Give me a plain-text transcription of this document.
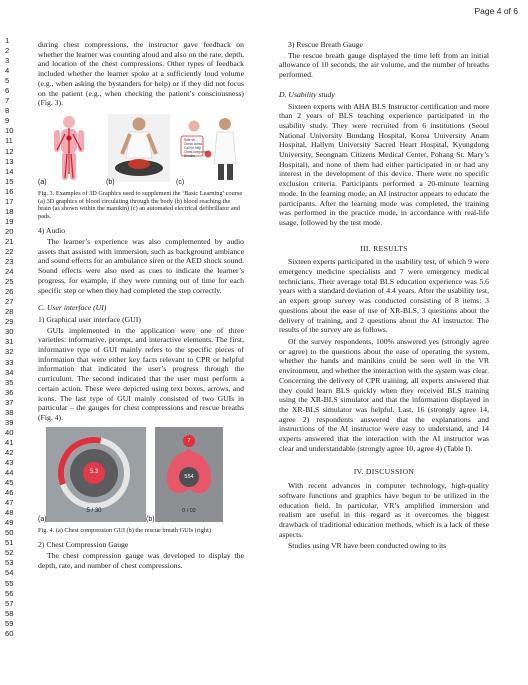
Page 4 of 6
1
2
3
4
5
6
7
8
9
10
11
12
13
14
15
16
17
18
19
20
21
22
23
24
25
26
27
28
29
30
31
32
33
34
35
36
37
38
39
40
41
42
43
44
45
46
47
48
49
50
51
52
53
54
55
56
57
58
59
60

during chest compressions, the instructor gave feedback on whether the learner was counting aloud and also on the rate, depth, and location of the chest compressions. Other types of feedback included whether the learner spoke at a sufficiently loud volume (e.g., when asking the bystanders for help) or if they did not focus on the patient (e.g., when checking the patient’s consciousness) (Fig. 3).

Safe str...
Check consc...
Call for help
Chest compress...
Breaths
(a)	(b)	(c)
Fig. 3. Examples of 3D Graphics used to supplement the ‘Basic Learning’ course (a) 3D graphics of blood circulating through the body (b) blood reaching the brain (as shown within the manikin) (c) an automated electrical defibrillator and pads.
4) Audio

The learner’s experience was also complemented by audio assets that assisted with immersion, such as background ambiance and sound effects for an ambulance siren or the AED shock sound. Sound effects were also used as cues to indicate the learner’s progress, for example, if they were running out of time for each specific step or when they had completed the step correctly.

C. User interface (UI)
1) Graphical user interface (GUI)

GUIs implemented in the application were one of three varieties: informative, prompt, and interactive elements. The first, informative type of GUI mainly refers to the specific pieces of information that were either key facts relevant to CPR or helpful information that indicated the user’s progress through the curriculum. The second indicated that the user must perform a certain action. These were depicted using text boxes, arrows, and icons. The last type of GUI mainly consisted of two GUIs in particular – the gauges for chest compressions and rescue breaths (Fig. 4).

5.3
5 / 30
7
554
0 / 02
(a)	(b)
Fig. 4. (a) Chest compression GUI (b) the rescue breath GUIs (right)
2) Chest Compression Gauge

The chest compression gauge was developed to display the depth, rate, and number of chest compressions.

3) Rescue Breath Gauge

The rescue breath gauge displayed the time left from an initial allowance of 10 seconds, the air volume, and the number of breaths performed.

D. Usability study

Sixteen experts with AHA BLS Instructor certification and more than 2 years of BLS teaching experience participated in the usability study. They were recruited from 6 institutions (Seoul National University Bundang Hospital, Korea University Anam Hospital, Hallym University Sacred Heart Hospital, Kyungdong University, Seongnam Citizens Medical Center, Pohang St. Mary’s Hospital), and none of them had either participated in or had any interest in the development of this device. There were no specific exclusion criteria. Participants performed a 20-minute learning mode. In the learning mode, an AI instructor appears to educate the participants. After the learning mode was completed, the training was performed in the practice mode, in accordance with real-life usage, followed by the test mode.

III. RESULTS

Sixteen experts participated in the usability test, of which 9 were emergency medicine specialists and 7 were emergency medical technicians. Their average total BLS education experience was 5.6 years with a standard deviation of 4.4 years. After the usability test, an expert group survey was conducted consisting of 8 items: 3 questions about the ease of use of XR-BLS, 3 questions about the delivery of training, and 2 questions about the AI instructor. The results of the survey are as follows.

Of the survey respondents, 100% answered yes (strongly agree or agree) to the questions about the ease of operating the system, whether the hands and manikins could be seen well in the VR environment, and whether the interaction with the system was clear. Concerning the delivery of CPR training, all experts answered that they could learn BLS quickly when they received BLS training using the XR-BLS simulator and that the information displayed in the XR-BLS simulator was helpful. Last, 16 (strongly agree 14, agree 2) respondents answered that the explanations and instructions of the AI instructor were easy to understand, and 14 experts answered that the interaction with the AI instructor was clear and understandable (strongly agree 10, agree 4) (Table I).

IV. DISCUSSION

With recent advances in computer technology, high-quality software functions and graphics have begun to be utilized in the education field. In particular, VR’s amplified immersion and realism are useful in this regard as it overcomes the biggest drawback of traditional education methods, which is a lack of these aspects.

Studies using VR have been conducted owing to its
